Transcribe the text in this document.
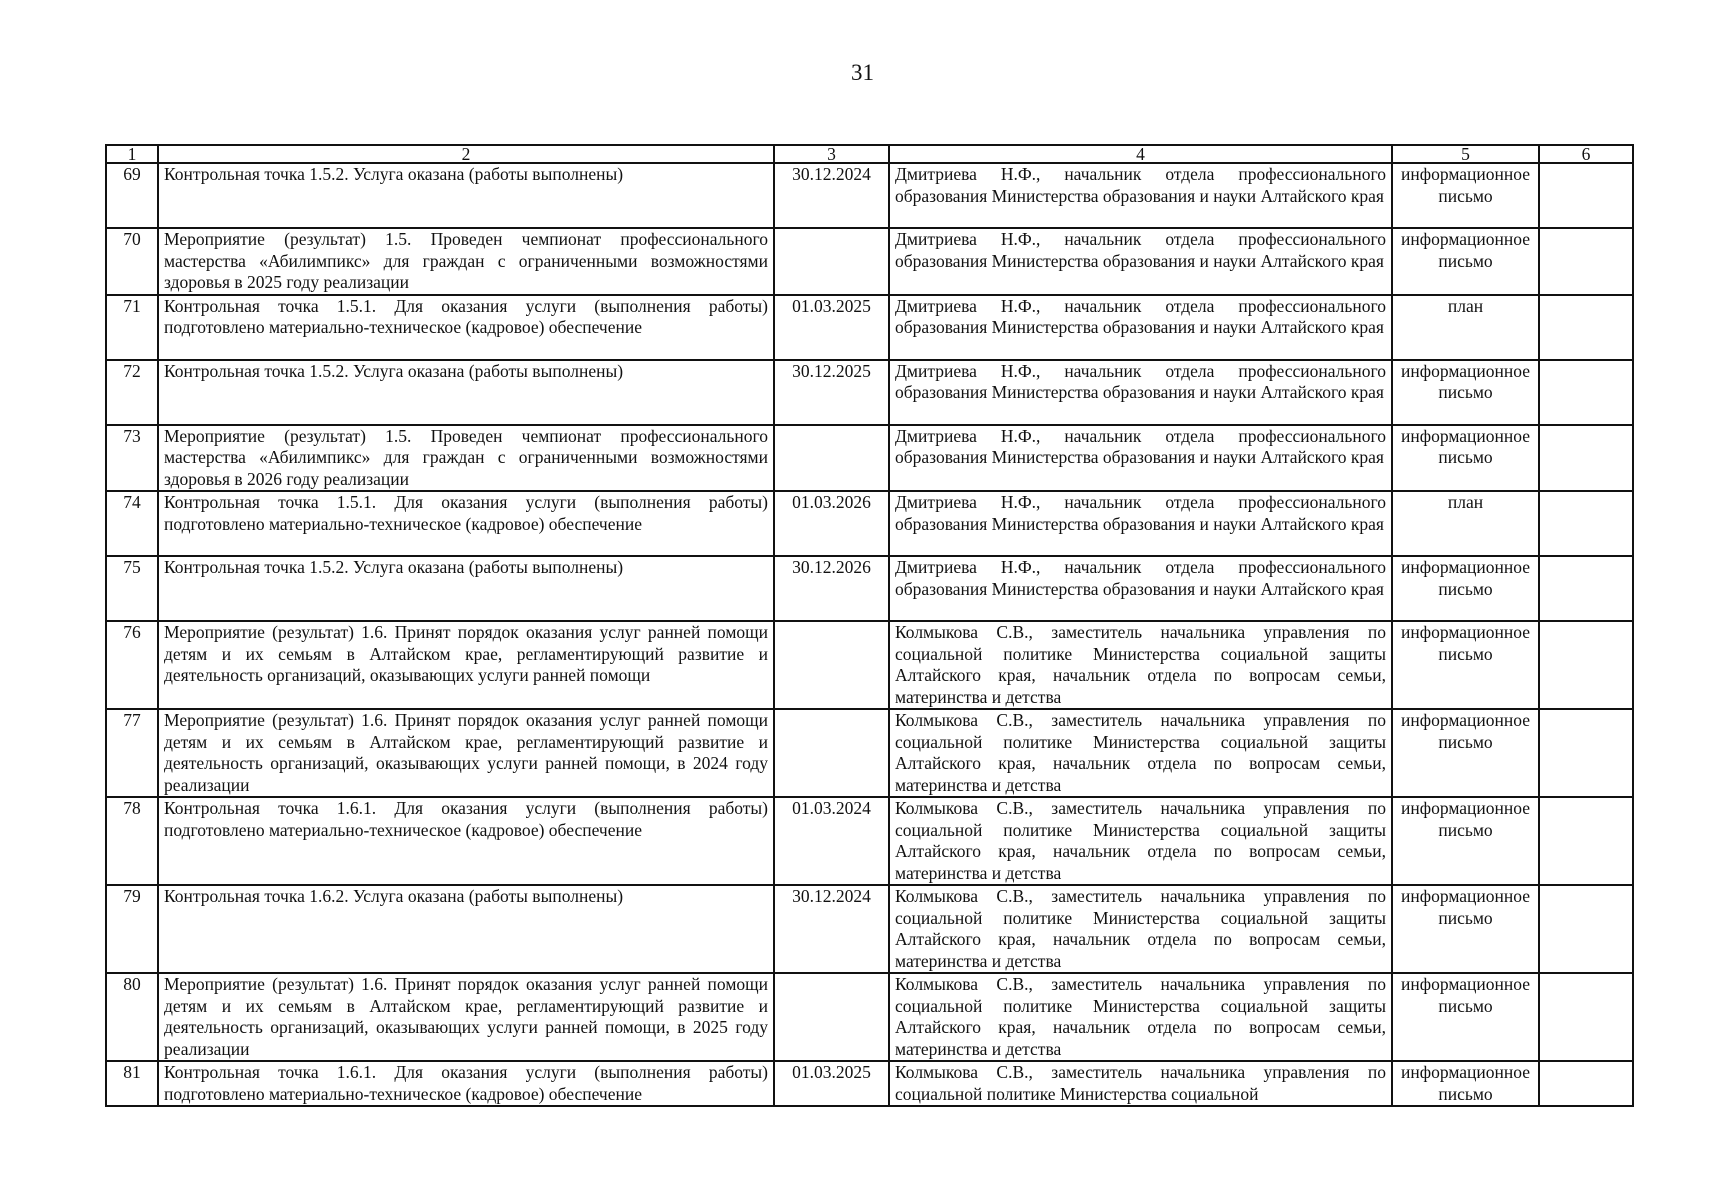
31
1	2	3	4	5	6
69	Контрольная точка 1.5.2. Услуга оказана (работы выполнены)	30.12.2024	Дмитриева Н.Ф., начальник отдела профессионального образования Министерства образования и науки Алтайского края	информационное письмо	
70	Мероприятие (результат) 1.5. Проведен чемпионат профессионального мастерства «Абилимпикс» для граждан с ограниченными возможностями здоровья в 2025 году реализации		Дмитриева Н.Ф., начальник отдела профессионального образования Министерства образования и науки Алтайского края	информационное письмо	
71	Контрольная точка 1.5.1. Для оказания услуги (выполнения работы) подготовлено материально-техническое (кадровое) обеспечение	01.03.2025	Дмитриева Н.Ф., начальник отдела профессионального образования Министерства образования и науки Алтайского края	план	
72	Контрольная точка 1.5.2. Услуга оказана (работы выполнены)	30.12.2025	Дмитриева Н.Ф., начальник отдела профессионального образования Министерства образования и науки Алтайского края	информационное письмо	
73	Мероприятие (результат) 1.5. Проведен чемпионат профессионального мастерства «Абилимпикс» для граждан с ограниченными возможностями здоровья в 2026 году реализации		Дмитриева Н.Ф., начальник отдела профессионального образования Министерства образования и науки Алтайского края	информационное письмо	
74	Контрольная точка 1.5.1. Для оказания услуги (выполнения работы) подготовлено материально-техническое (кадровое) обеспечение	01.03.2026	Дмитриева Н.Ф., начальник отдела профессионального образования Министерства образования и науки Алтайского края	план	
75	Контрольная точка 1.5.2. Услуга оказана (работы выполнены)	30.12.2026	Дмитриева Н.Ф., начальник отдела профессионального образования Министерства образования и науки Алтайского края	информационное письмо	
76	Мероприятие (результат) 1.6. Принят порядок оказания услуг ранней помощи детям и их семьям в Алтайском крае, регламентирующий развитие и деятельность организаций, оказывающих услуги ранней помощи		Колмыкова С.В., заместитель начальника управления по социальной политике Министерства социальной защиты Алтайского края, начальник отдела по вопросам семьи, материнства и детства	информационное письмо	
77	Мероприятие (результат) 1.6. Принят порядок оказания услуг ранней помощи детям и их семьям в Алтайском крае, регламентирующий развитие и деятельность организаций, оказывающих услуги ранней помощи, в 2024 году реализации		Колмыкова С.В., заместитель начальника управления по социальной политике Министерства социальной защиты Алтайского края, начальник отдела по вопросам семьи, материнства и детства	информационное письмо	
78	Контрольная точка 1.6.1. Для оказания услуги (выполнения работы) подготовлено материально-техническое (кадровое) обеспечение	01.03.2024	Колмыкова С.В., заместитель начальника управления по социальной политике Министерства социальной защиты Алтайского края, начальник отдела по вопросам семьи, материнства и детства	информационное письмо	
79	Контрольная точка 1.6.2. Услуга оказана (работы выполнены)	30.12.2024	Колмыкова С.В., заместитель начальника управления по социальной политике Министерства социальной защиты Алтайского края, начальник отдела по вопросам семьи, материнства и детства	информационное письмо	
80	Мероприятие (результат) 1.6. Принят порядок оказания услуг ранней помощи детям и их семьям в Алтайском крае, регламентирующий развитие и деятельность организаций, оказывающих услуги ранней помощи, в 2025 году реализации		Колмыкова С.В., заместитель начальника управления по социальной политике Министерства социальной защиты Алтайского края, начальник отдела по вопросам семьи, материнства и детства	информационное письмо	
81	Контрольная точка 1.6.1. Для оказания услуги (выполнения работы) подготовлено материально-техническое (кадровое) обеспечение	01.03.2025	Колмыкова С.В., заместитель начальника управления по социальной политике Министерства социальной	информационное письмо	
